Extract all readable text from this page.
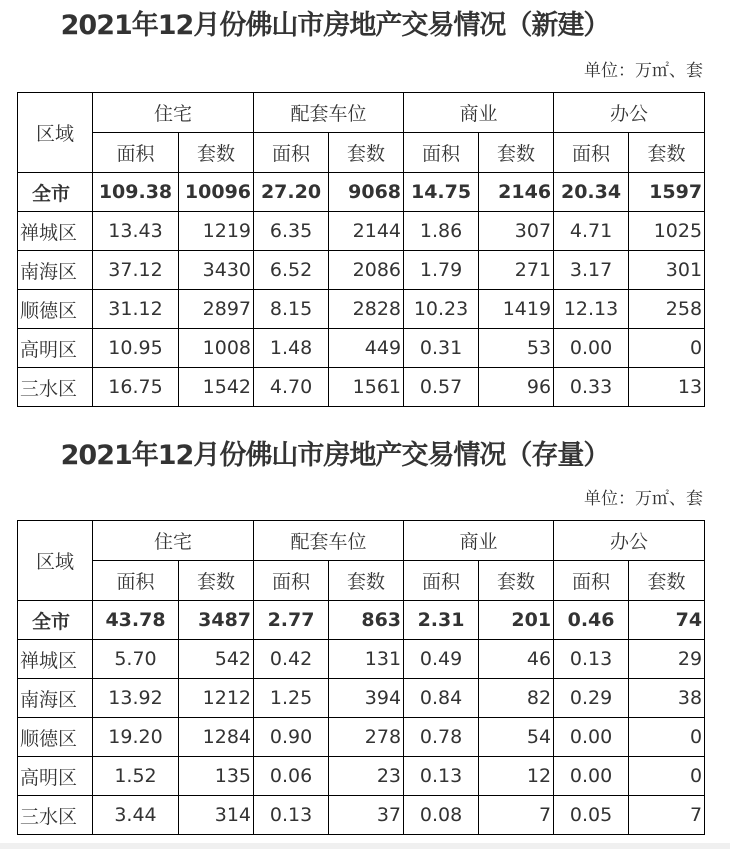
2021年12月份佛山市房地产交易情况（新建）
单位：万㎡、套
区域	住宅		配套车位		商业		办公	
	面积	套数	面积	套数	面积	套数	面积	套数
全市	109.38	10096	27.20	9068	14.75	2146	20.34	1597
禅城区	13.43	1219	6.35	2144	1.86	307	4.71	1025
南海区	37.12	3430	6.52	2086	1.79	271	3.17	301
顺德区	31.12	2897	8.15	2828	10.23	1419	12.13	258
高明区	10.95	1008	1.48	449	0.31	53	0.00	0
三水区	16.75	1542	4.70	1561	0.57	96	0.33	13
2021年12月份佛山市房地产交易情况（存量）
单位：万㎡、套
区域	住宅		配套车位		商业		办公	
	面积	套数	面积	套数	面积	套数	面积	套数
全市	43.78	3487	2.77	863	2.31	201	0.46	74
禅城区	5.70	542	0.42	131	0.49	46	0.13	29
南海区	13.92	1212	1.25	394	0.84	82	0.29	38
顺德区	19.20	1284	0.90	278	0.78	54	0.00	0
高明区	1.52	135	0.06	23	0.13	12	0.00	0
三水区	3.44	314	0.13	37	0.08	7	0.05	7
